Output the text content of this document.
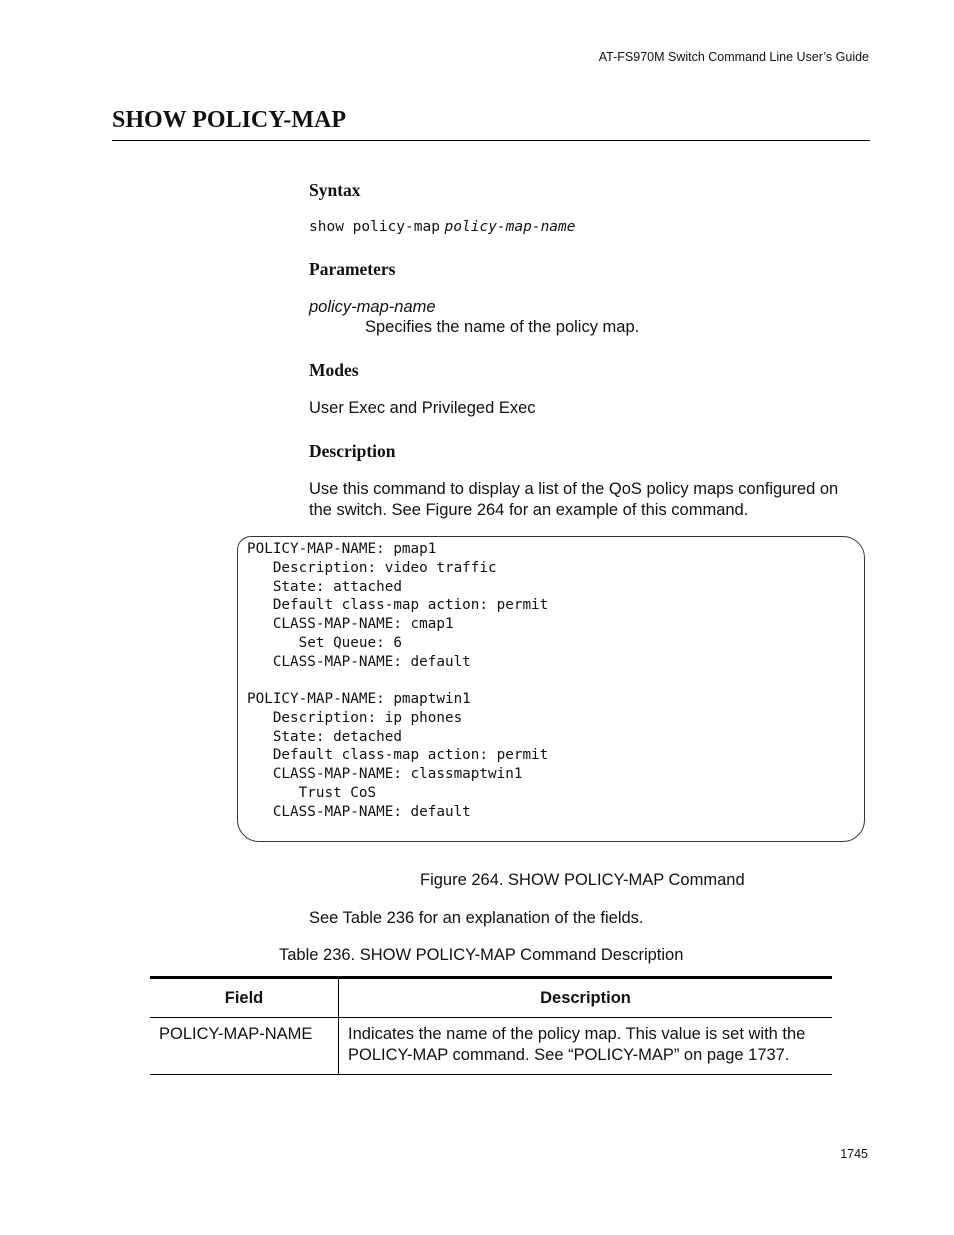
AT-FS970M Switch Command Line User’s Guide
SHOW POLICY-MAP
Syntax
show policy-map policy-map-name
Parameters
policy-map-name
Specifies the name of the policy map.
Modes
User Exec and Privileged Exec
Description
Use this command to display a list of the QoS policy maps configured on
the switch. See Figure 264 for an example of this command.
POLICY-MAP-NAME: pmap1
Description: video traffic
State: attached
Default class-map action: permit
CLASS-MAP-NAME: cmap1
Set Queue: 6
CLASS-MAP-NAME: default

POLICY-MAP-NAME: pmaptwin1
Description: ip phones
State: detached
Default class-map action: permit
CLASS-MAP-NAME: classmaptwin1
Trust CoS
CLASS-MAP-NAME: default
Figure 264. SHOW POLICY-MAP Command
See Table 236 for an explanation of the fields.
Table 236. SHOW POLICY-MAP Command Description
Field	Description
POLICY-MAP-NAME	Indicates the name of the policy map. This value is set with the
POLICY-MAP command. See “POLICY-MAP” on page 1737.
1745
